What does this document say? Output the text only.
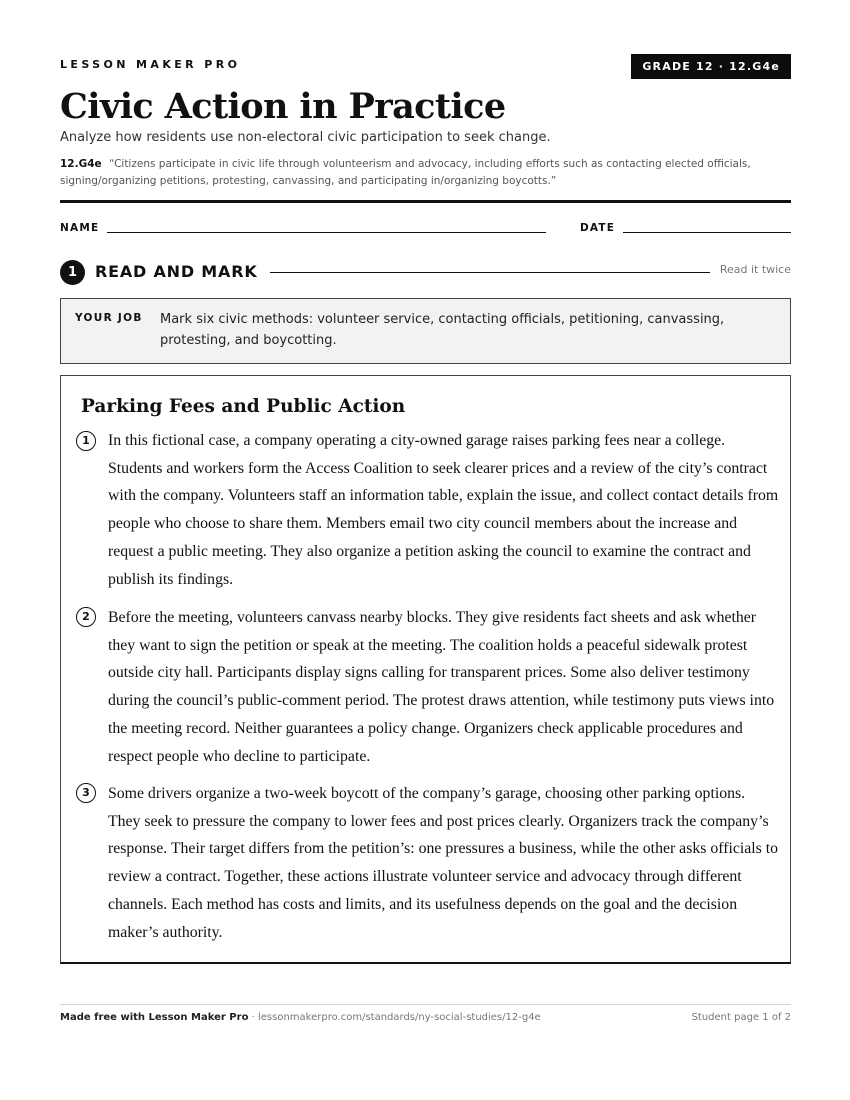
LESSON MAKER PRO	GRADE 12 · 12.G4e
Civic Action in Practice
Analyze how residents use non-electoral civic participation to seek change.
12.G4e “Citizens participate in civic life through volunteerism and advocacy, including efforts such as contacting elected officials, signing/organizing petitions, protesting, canvassing, and participating in/organizing boycotts.”
NAME	DATE
1	READ AND MARK	Read it twice
YOUR JOB Mark six civic methods: volunteer service, contacting officials, petitioning, canvassing, protesting, and boycotting.
Parking Fees and Public Action
1	In this fictional case, a company operating a city-owned garage raises parking fees near a college. Students and workers form the Access Coalition to seek clearer prices and a review of the city’s contract with the company. Volunteers staff an information table, explain the issue, and collect contact details from people who choose to share them. Members email two city council members about the increase and request a public meeting. They also organize a petition asking the council to examine the contract and publish its findings.

2	Before the meeting, volunteers canvass nearby blocks. They give residents fact sheets and ask whether they want to sign the petition or speak at the meeting. The coalition holds a peaceful sidewalk protest outside city hall. Participants display signs calling for transparent prices. Some also deliver testimony during the council’s public-comment period. The protest draws attention, while testimony puts views into the meeting record. Neither guarantees a policy change. Organizers check applicable procedures and respect people who decline to participate.

3	Some drivers organize a two-week boycott of the company’s garage, choosing other parking options. They seek to pressure the company to lower fees and post prices clearly. Organizers track the company’s response. Their target differs from the petition’s: one pressures a business, while the other asks officials to review a contract. Together, these actions illustrate volunteer service and advocacy through different channels. Each method has costs and limits, and its usefulness depends on the goal and the decision maker’s authority.

Made free with Lesson Maker Pro · lessonmakerpro.com/standards/ny-social-studies/12-g4e	Student page 1 of 2
